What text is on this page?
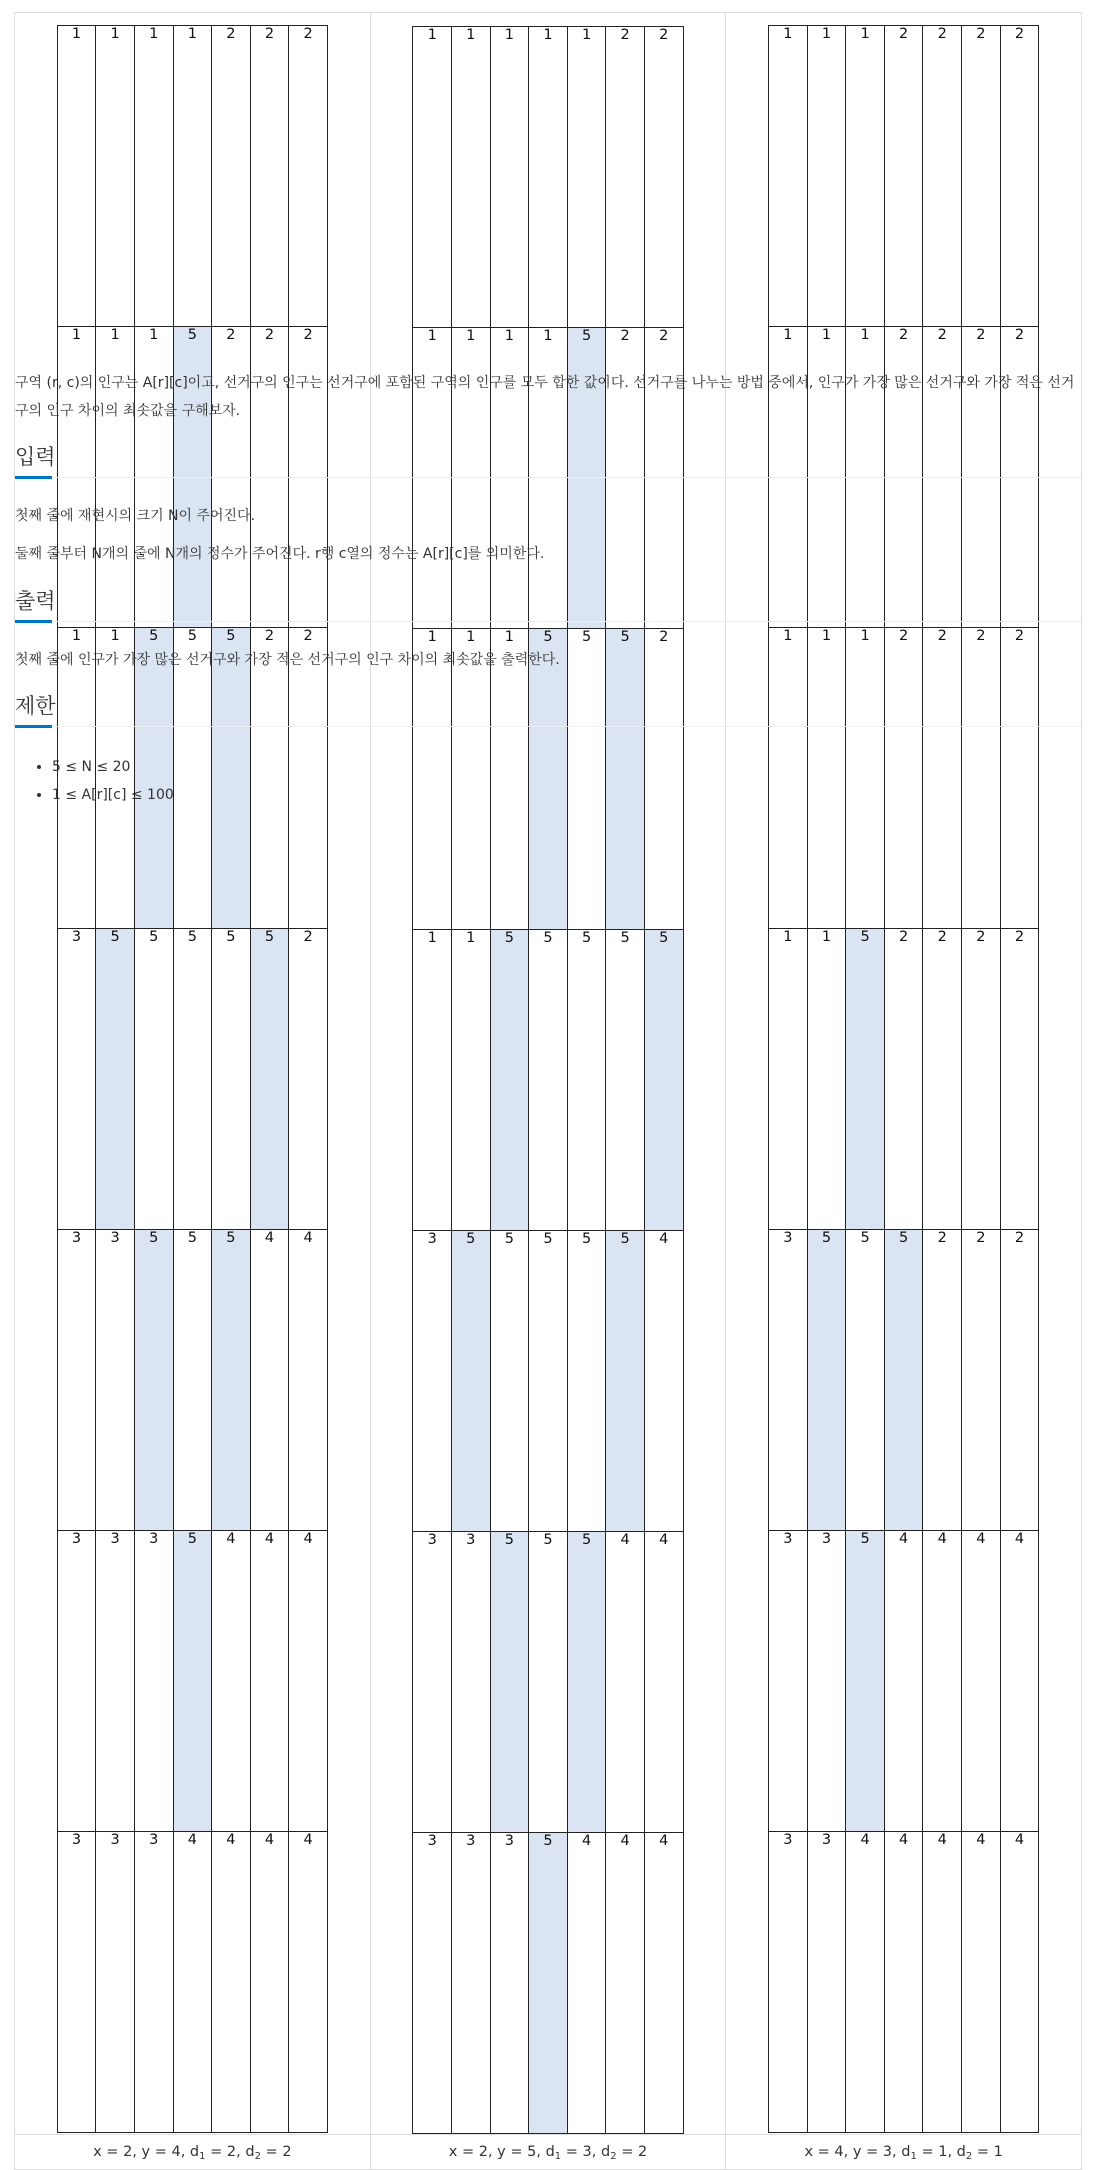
1	1	1	1	2	2	2
1	1	1	5	2	2	2
1	1	5	5	5	2	2
3	5	5	5	5	5	2
3	3	5	5	5	4	4
3	3	3	5	4	4	4
3	3	3	4	4	4	4

1	1	1	1	1	2	2
1	1	1	1	5	2	2
1	1	1	5	5	5	2
1	1	5	5	5	5	5
3	5	5	5	5	5	4
3	3	5	5	5	4	4
3	3	3	5	4	4	4

1	1	1	2	2	2	2
1	1	1	2	2	2	2
1	1	1	2	2	2	2
1	1	5	2	2	2	2
3	5	5	5	2	2	2
3	3	5	4	4	4	4
3	3	4	4	4	4	4

x = 2, y = 4, $d_1 = 2$, $d_2 = 2$	x = 2, y = 5, $d_1 = 3$, $d_2 = 2$	x = 4, y = 3, $d_1 = 1$, $d_2 = 1$

구역 (r, c)의 인구는 A[r][c]이고, 선거구의 인구는 선거구에 포함된 구역의 인구를 모두 합한 값이다. 선거구를 나누는 방법 중에서, 인구가 가장 많은 선거구와 가장 적은 선거구의 인구 차이의 최솟값을 구해보자.

입력

첫째 줄에 재현시의 크기 N이 주어진다.

둘째 줄부터 N개의 줄에 N개의 정수가 주어진다. r행 c열의 정수는 A[r][c]를 의미한다.

출력

첫째 줄에 인구가 가장 많은 선거구와 가장 적은 선거구의 인구 차이의 최솟값을 출력한다.

제한
• 5 ≤ N ≤ 20
• 1 ≤ A[r][c] ≤ 100
